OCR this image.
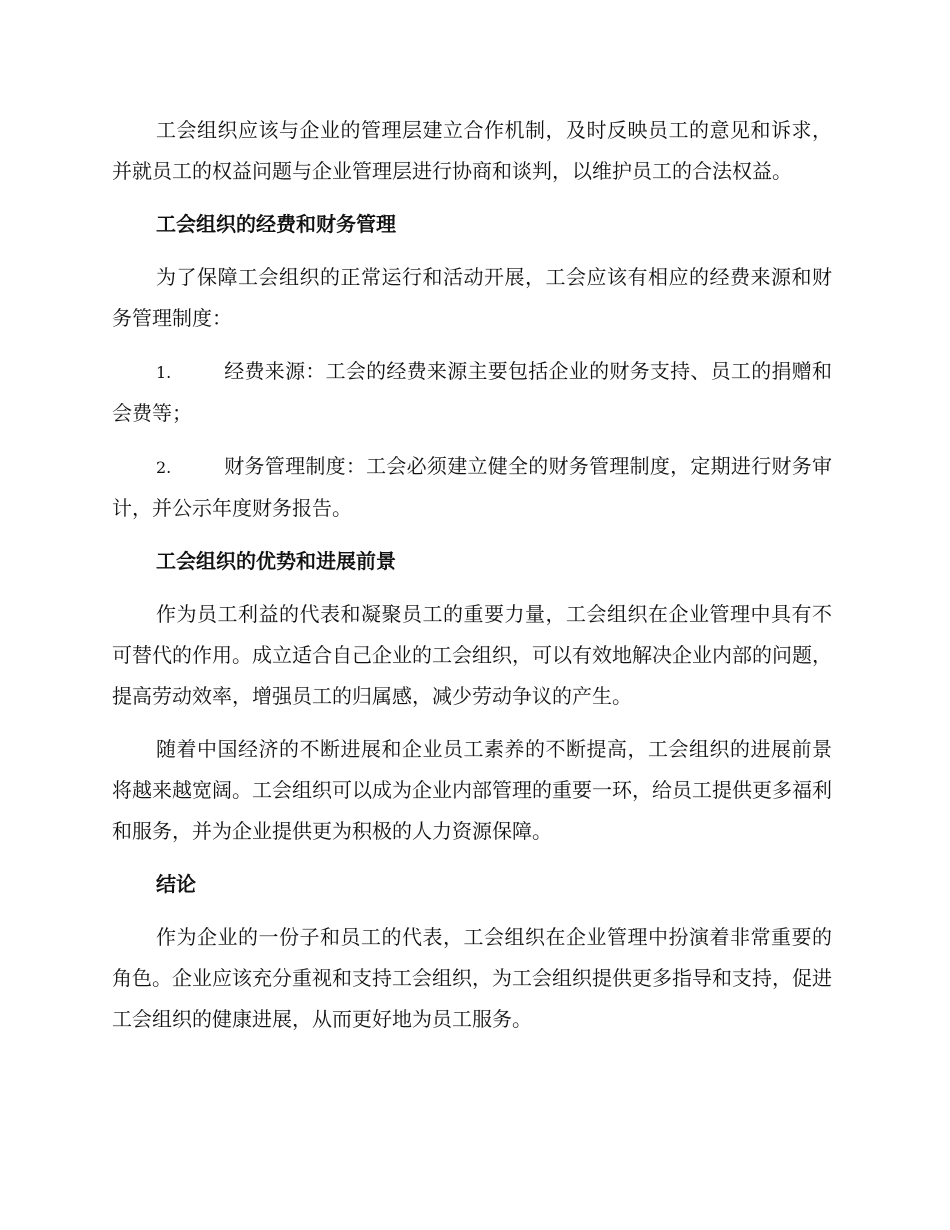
工会组织应该与企业的管理层建立合作机制，及时反映员工的意见和诉求，并就员工的权益问题与企业管理层进行协商和谈判，以维护员工的合法权益。

工会组织的经费和财务管理

为了保障工会组织的正常运行和活动开展，工会应该有相应的经费来源和财务管理制度：

1.	经费来源：工会的经费来源主要包括企业的财务支持、员工的捐赠和会费等；

2.	财务管理制度：工会必须建立健全的财务管理制度，定期进行财务审计，并公示年度财务报告。

工会组织的优势和进展前景

作为员工利益的代表和凝聚员工的重要力量，工会组织在企业管理中具有不可替代的作用。成立适合自己企业的工会组织，可以有效地解决企业内部的问题，提高劳动效率，增强员工的归属感，减少劳动争议的产生。

随着中国经济的不断进展和企业员工素养的不断提高，工会组织的进展前景将越来越宽阔。工会组织可以成为企业内部管理的重要一环，给员工提供更多福利和服务，并为企业提供更为积极的人力资源保障。

结论

作为企业的一份子和员工的代表，工会组织在企业管理中扮演着非常重要的角色。企业应该充分重视和支持工会组织，为工会组织提供更多指导和支持，促进工会组织的健康进展，从而更好地为员工服务。
